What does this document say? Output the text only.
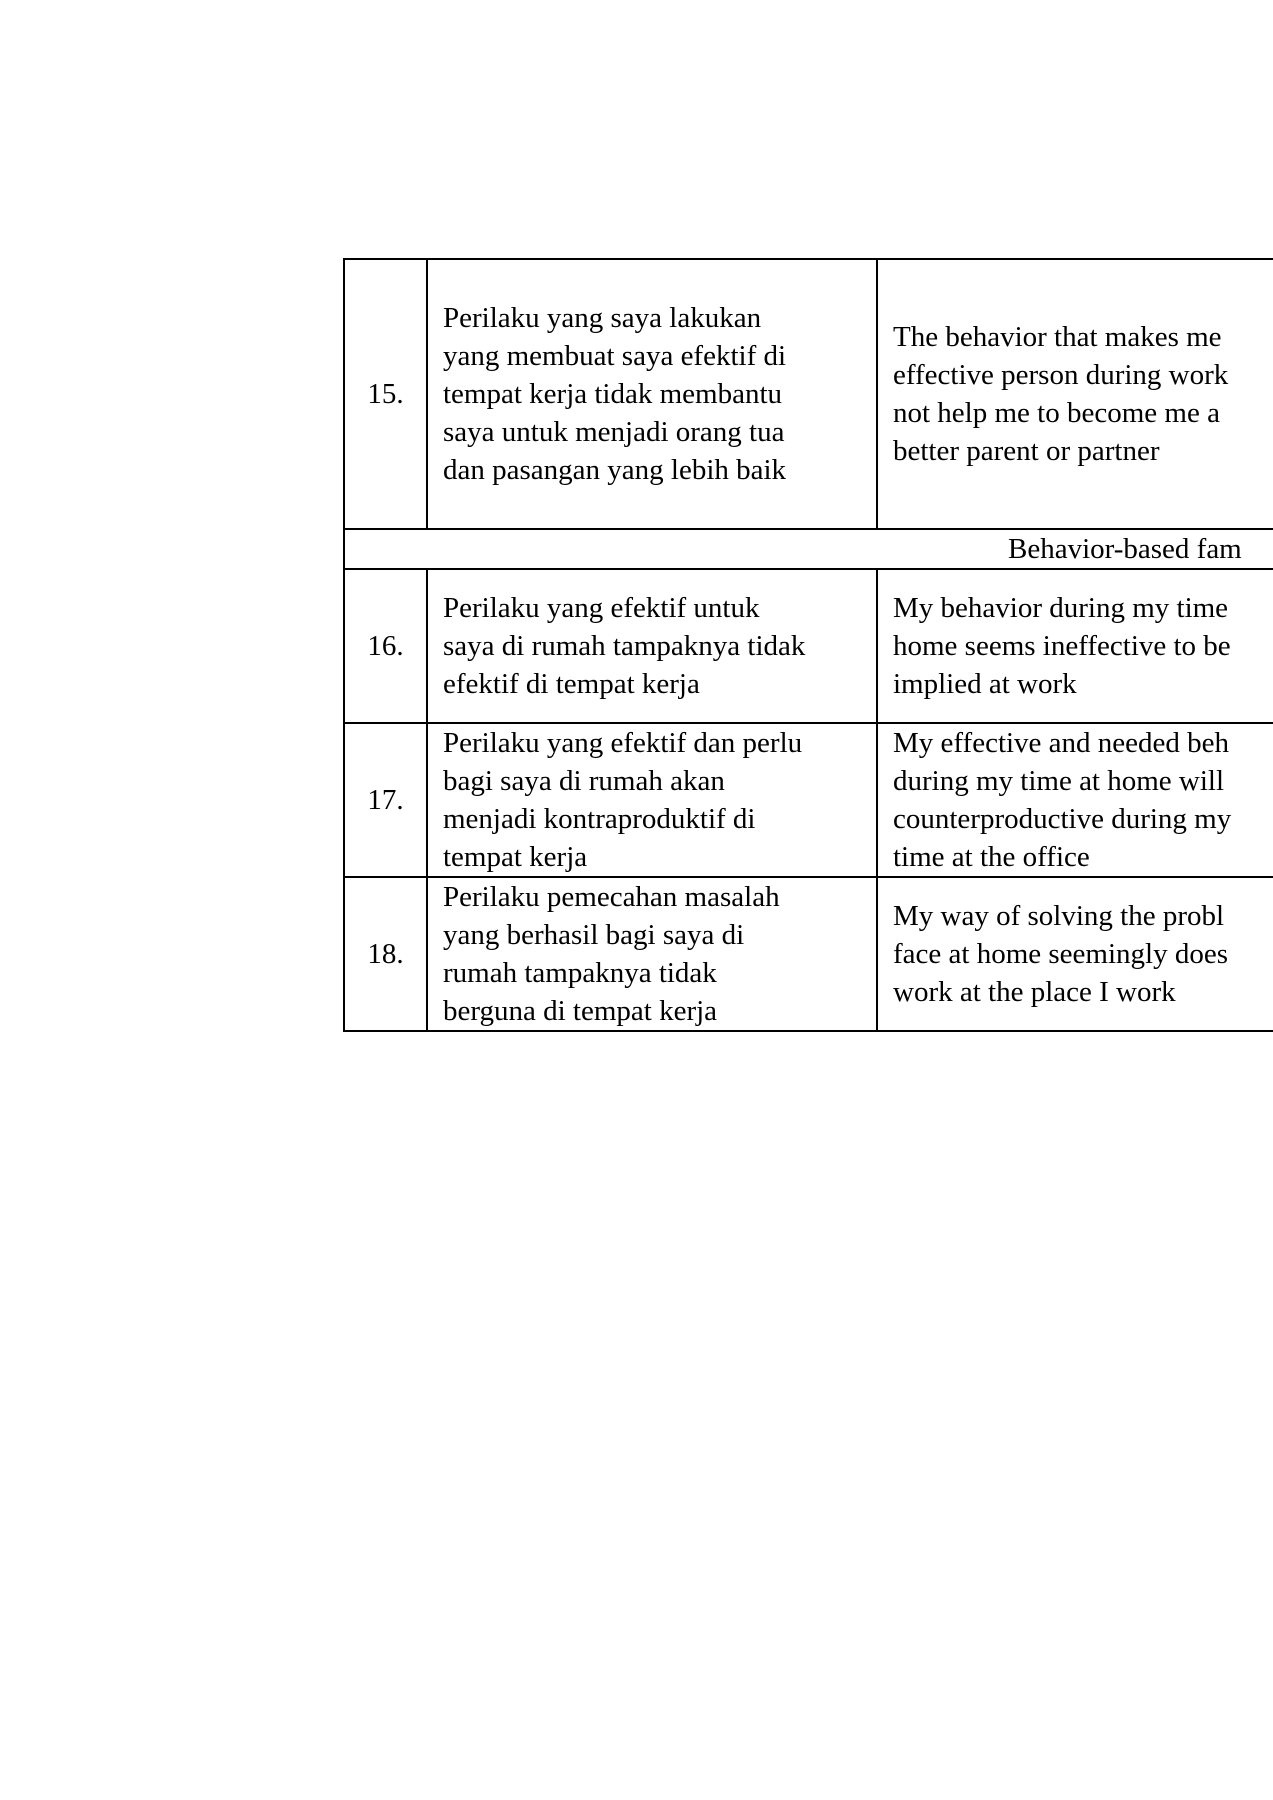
15.	Perilaku yang saya lakukan
yang membuat saya efektif di
tempat kerja tidak membantu
saya untuk menjadi orang tua
dan pasangan yang lebih baik	The behavior that makes me
effective person during work
not help me to become me a
better parent or partner

Behavior-based fam		
16.	Perilaku yang efektif untuk
saya di rumah tampaknya tidak
efektif di tempat kerja	My behavior during my time
home seems ineffective to be
implied at work

17.	Perilaku yang efektif dan perlu
bagi saya di rumah akan
menjadi kontraproduktif di
tempat kerja	My effective and needed beh
during my time at home will
counterproductive during my
time at the office

18.	Perilaku pemecahan masalah
yang berhasil bagi saya di
rumah tampaknya tidak
berguna di tempat kerja	My way of solving the probl
face at home seemingly does
work at the place I work
